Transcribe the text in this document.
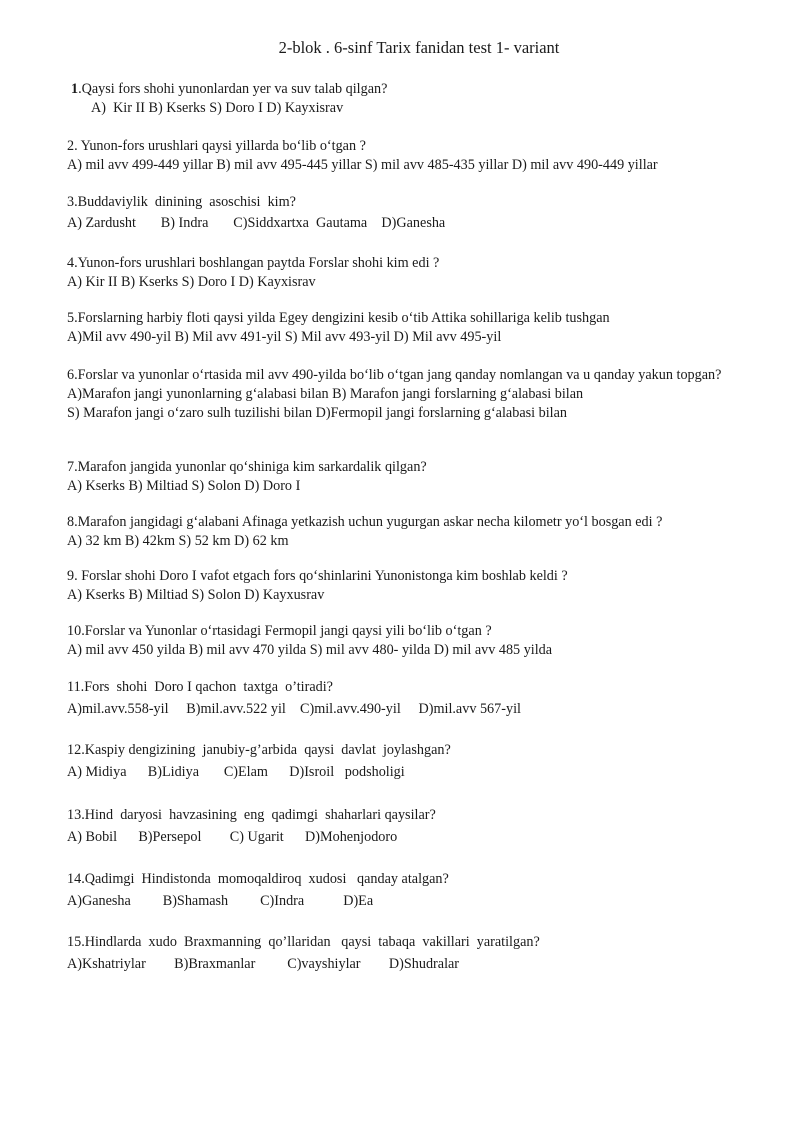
2-blok . 6-sinf Tarix fanidan test 1- variant
1.Qaysi fors shohi yunonlardan yer va suv talab qilgan?
A)  Kir II B) Kserks S) Doro I D) Kayxisrav
2. Yunon-fors urushlari qaysi yillarda bo‘lib o‘tgan ?
A) mil avv 499-449 yillar B) mil avv 495-445 yillar S) mil avv 485-435 yillar D) mil avv 490-449 yillar
3.Buddaviylik  dinining  asoschisi  kim?
A) Zardusht       B) Indra       C)Siddxartxa  Gautama    D)Ganesha
4.Yunon-fors urushlari boshlangan paytda Forslar shohi kim edi ?
A) Kir II B) Kserks S) Doro I D) Kayxisrav
5.Forslarning harbiy floti qaysi yilda Egey dengizini kesib o‘tib Attika sohillariga kelib tushgan
A)Mil avv 490-yil B) Mil avv 491-yil S) Mil avv 493-yil D) Mil avv 495-yil
6.Forslar va yunonlar o‘rtasida mil avv 490-yilda bo‘lib o‘tgan jang qanday nomlangan va u qanday yakun topgan?
A)Marafon jangi yunonlarning g‘alabasi bilan B) Marafon jangi forslarning g‘alabasi bilan
S) Marafon jangi o‘zaro sulh tuzilishi bilan D)Fermopil jangi forslarning g‘alabasi bilan
7.Marafon jangida yunonlar qo‘shiniga kim sarkardalik qilgan?
A) Kserks B) Miltiad S) Solon D) Doro I
8.Marafon jangidagi g‘alabani Afinaga yetkazish uchun yugurgan askar necha kilometr yo‘l bosgan edi ?
A) 32 km B) 42km S) 52 km D) 62 km
9. Forslar shohi Doro I vafot etgach fors qo‘shinlarini Yunonistonga kim boshlab keldi ?
A) Kserks B) Miltiad S) Solon D) Kayxusrav
10.Forslar va Yunonlar o‘rtasidagi Fermopil jangi qaysi yili bo‘lib o‘tgan ?
A) mil avv 450 yilda B) mil avv 470 yilda S) mil avv 480- yilda D) mil avv 485 yilda
11.Fors  shohi  Doro I qachon  taxtga  o’tiradi?
A)mil.avv.558-yil     B)mil.avv.522 yil    C)mil.avv.490-yil     D)mil.avv 567-yil
12.Kaspiy dengizining  janubiy-g’arbida  qaysi  davlat  joylashgan?
A) Midiya      B)Lidiya       C)Elam      D)Isroil   podsholigi
13.Hind  daryosi  havzasining  eng  qadimgi  shaharlari qaysilar?
A) Bobil      B)Persepol        C) Ugarit      D)Mohenjodoro
14.Qadimgi  Hindistonda  momoqaldiroq  xudosi   qanday atalgan?
A)Ganesha         B)Shamash         C)Indra           D)Ea
15.Hindlarda  xudo  Braxmanning  qo’llaridan   qaysi  tabaqa  vakillari  yaratilgan?
A)Kshatriylar        B)Braxmanlar         C)vayshiylar        D)Shudralar
